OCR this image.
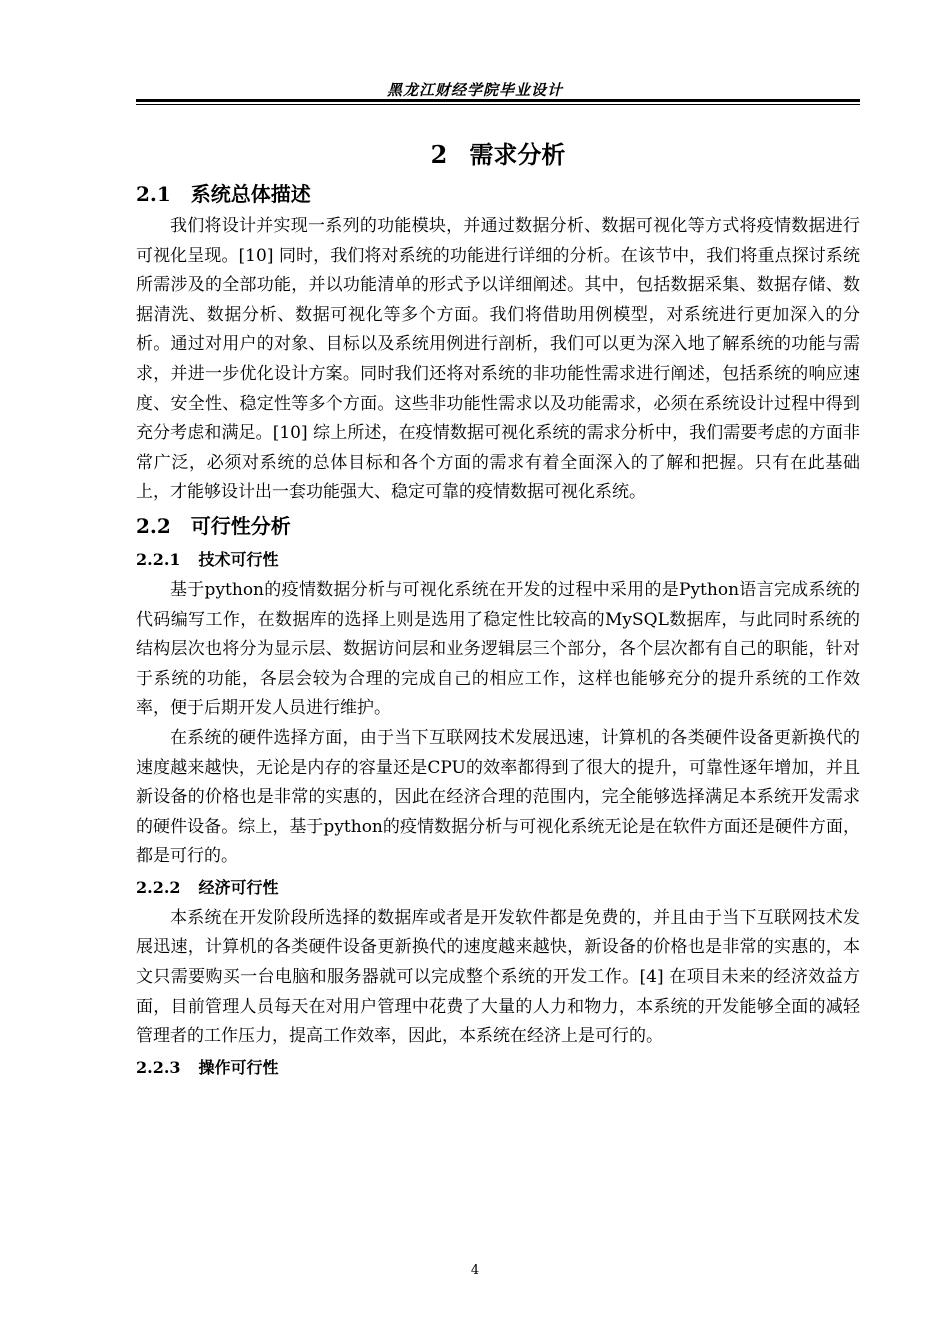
黑龙江财经学院毕业设计
2 需求分析
2.1 系统总体描述

我们将设计并实现一系列的功能模块，并通过数据分析、数据可视化等方式将疫情数据进行可视化呈现。[10] 同时，我们将对系统的功能进行详细的分析。在该节中，我们将重点探讨系统所需涉及的全部功能，并以功能清单的形式予以详细阐述。其中，包括数据采集、数据存储、数据清洗、数据分析、数据可视化等多个方面。我们将借助用例模型，对系统进行更加深入的分析。通过对用户的对象、目标以及系统用例进行剖析，我们可以更为深入地了解系统的功能与需求，并进一步优化设计方案。同时我们还将对系统的非功能性需求进行阐述，包括系统的响应速度、安全性、稳定性等多个方面。这些非功能性需求以及功能需求，必须在系统设计过程中得到充分考虑和满足。[10] 综上所述，在疫情数据可视化系统的需求分析中，我们需要考虑的方面非常广泛，必须对系统的总体目标和各个方面的需求有着全面深入的了解和把握。只有在此基础上，才能够设计出一套功能强大、稳定可靠的疫情数据可视化系统。

2.2 可行性分析
2.2.1 技术可行性

基于python的疫情数据分析与可视化系统在开发的过程中采用的是Python语言完成系统的代码编写工作，在数据库的选择上则是选用了稳定性比较高的MySQL数据库，与此同时系统的结构层次也将分为显示层、数据访问层和业务逻辑层三个部分，各个层次都有自己的职能，针对于系统的功能，各层会较为合理的完成自己的相应工作，这样也能够充分的提升系统的工作效率，便于后期开发人员进行维护。

在系统的硬件选择方面，由于当下互联网技术发展迅速，计算机的各类硬件设备更新换代的速度越来越快，无论是内存的容量还是CPU的效率都得到了很大的提升，可靠性逐年增加，并且新设备的价格也是非常的实惠的，因此在经济合理的范围内，完全能够选择满足本系统开发需求的硬件设备。综上，基于python的疫情数据分析与可视化系统无论是在软件方面还是硬件方面，都是可行的。

2.2.2 经济可行性

本系统在开发阶段所选择的数据库或者是开发软件都是免费的，并且由于当下互联网技术发展迅速，计算机的各类硬件设备更新换代的速度越来越快，新设备的价格也是非常的实惠的，本文只需要购买一台电脑和服务器就可以完成整个系统的开发工作。[4] 在项目未来的经济效益方面，目前管理人员每天在对用户管理中花费了大量的人力和物力，本系统的开发能够全面的减轻管理者的工作压力，提高工作效率，因此，本系统在经济上是可行的。

2.2.3 操作可行性
4
